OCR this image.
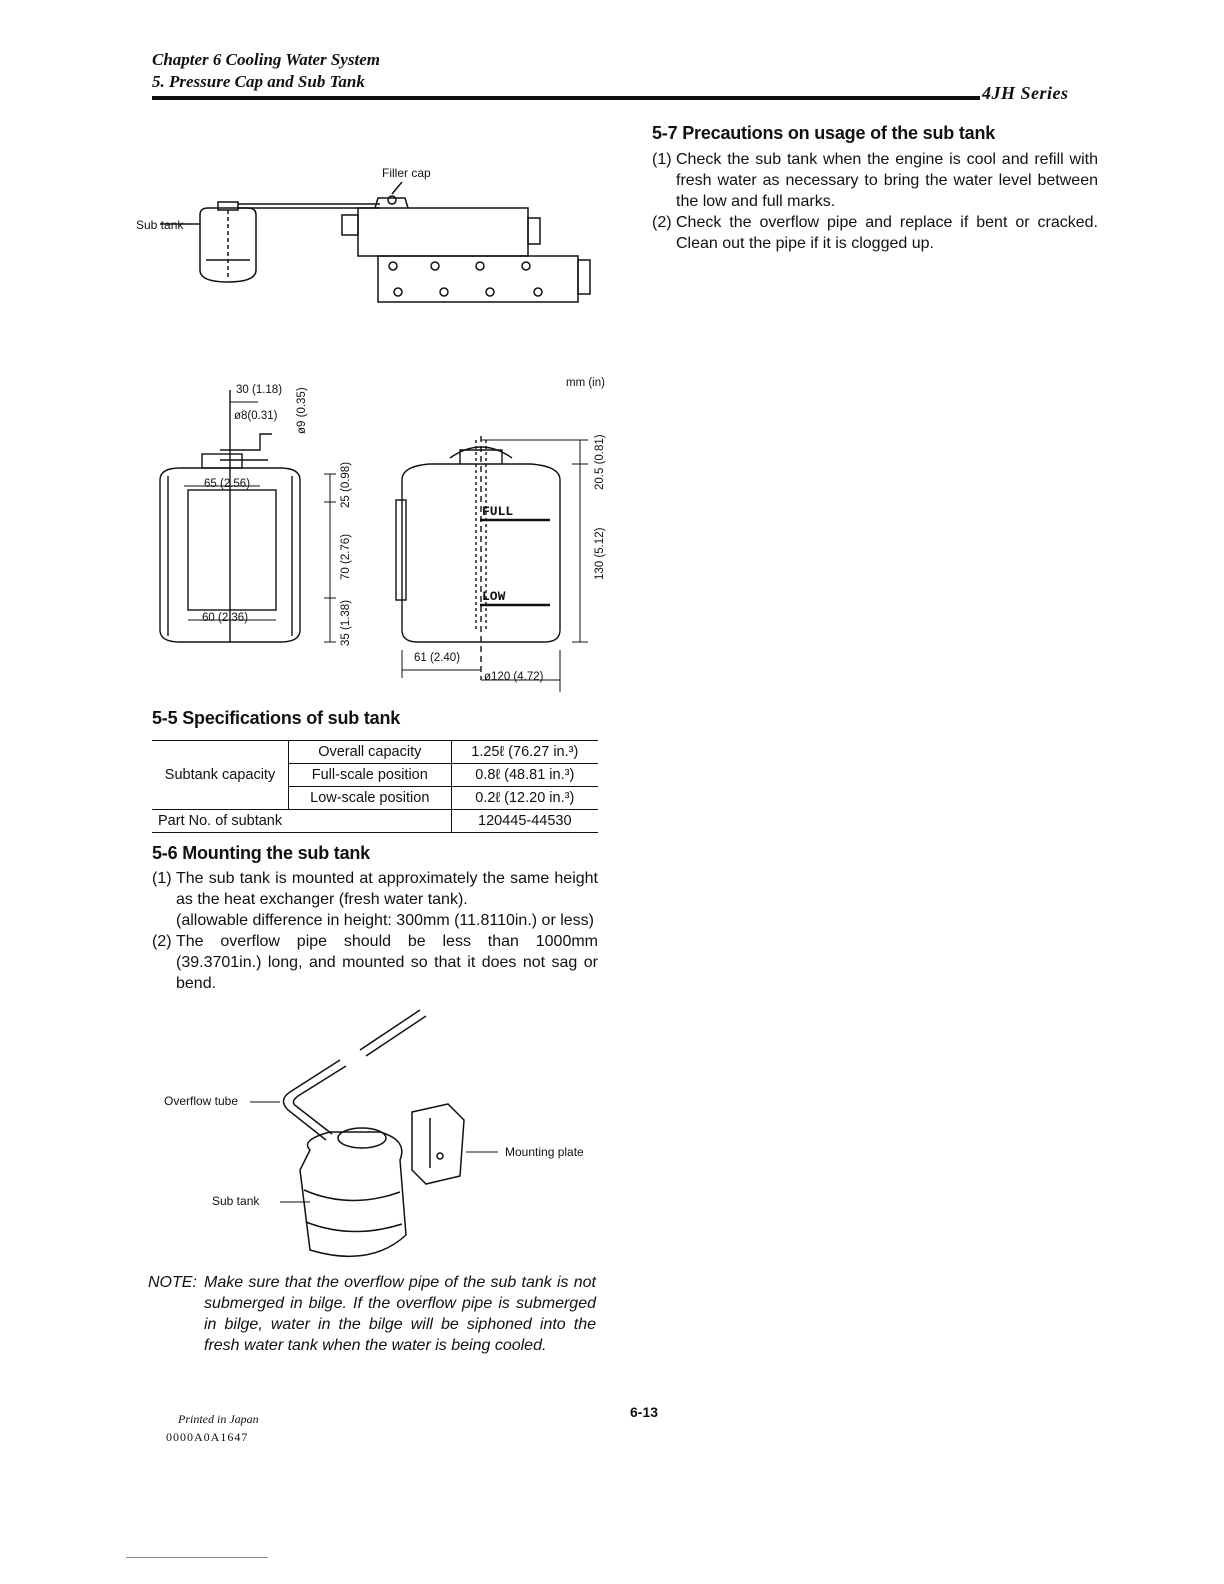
Chapter 6 Cooling Water System
5. Pressure Cap and Sub Tank
4JH Series
Filler cap
Sub tank
mm (in)
30 (1.18)
ø8(0.31) ø9 (0.35)
65 (2.56)	25 (0.98)
70 (2.76)
35 (1.38)
60 (2.36)
20.5 (0.81)
130 (5.12)
61 (2.40)
ø120 (4.72)
FULL
LOW
5-5 Specifications of sub tank
Subtank capacity	Overall capacity	1.25ℓ (76.27 in.³)
	Full-scale position	0.8ℓ (48.81 in.³)
	Low-scale position	0.2ℓ (12.20 in.³)
Part No. of subtank		120445-44530
5-6 Mounting the sub tank
(1) The sub tank is mounted at approximately the same height as the heat exchanger (fresh water tank).
(allowable difference in height: 300mm (11.8110in.) or less)
(2) The overflow pipe should be less than 1000mm (39.3701in.) long, and mounted so that it does not sag or bend.
Overflow tube
Sub tank
Mounting plate
NOTE: Make sure that the overflow pipe of the sub tank is not submerged in bilge. If the overflow pipe is submerged in bilge, water in the bilge will be siphoned into the fresh water tank when the water is being cooled.
5-7 Precautions on usage of the sub tank
(1) Check the sub tank when the engine is cool and refill with fresh water as necessary to bring the water level between the low and full marks.
(2) Check the overflow pipe and replace if bent or cracked. Clean out the pipe if it is clogged up.
6-13
Printed in Japan
0000A0A1647
